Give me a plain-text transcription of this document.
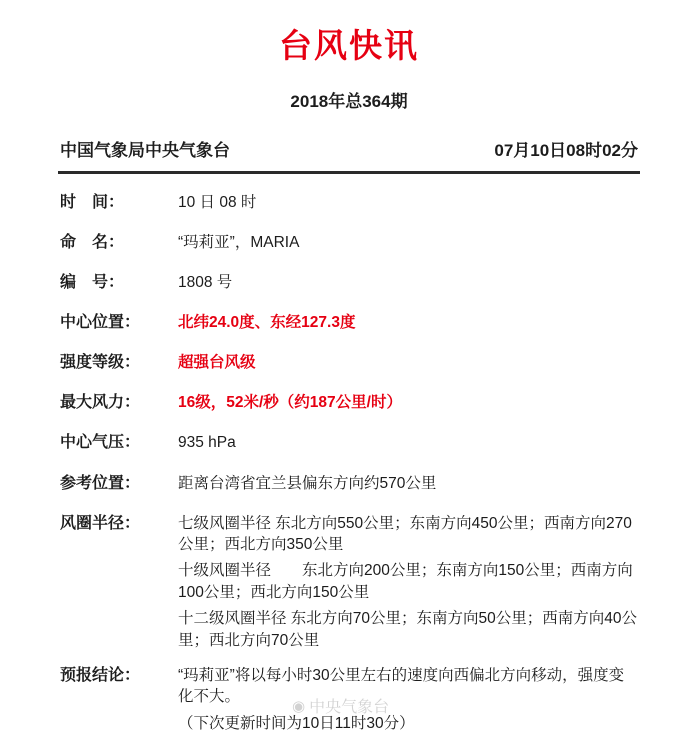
台风快讯
2018年总364期
中国气象局中央气象台	07月10日08时02分
时　间：	10 日 08 时
命　名：	“玛莉亚”，MARIA
编　号：	1808 号
中心位置：	北纬24.0度、东经127.3度
强度等级：	超强台风级
最大风力：	16级，52米/秒（约187公里/时）
中心气压：	935 hPa
参考位置：	距离台湾省宜兰县偏东方向约570公里
风圈半径：	七级风圈半径 东北方向550公里；东南方向450公里；西南方向270公里；西北方向350公里
十级风圈半径　　东北方向200公里；东南方向150公里；西南方向100公里；西北方向150公里
十二级风圈半径 东北方向70公里；东南方向50公里；西南方向40公里；西北方向70公里
预报结论：	“玛莉亚”将以每小时30公里左右的速度向西偏北方向移动，强度变化不大。
（下次更新时间为10日11时30分）
◉ 中央气象台
